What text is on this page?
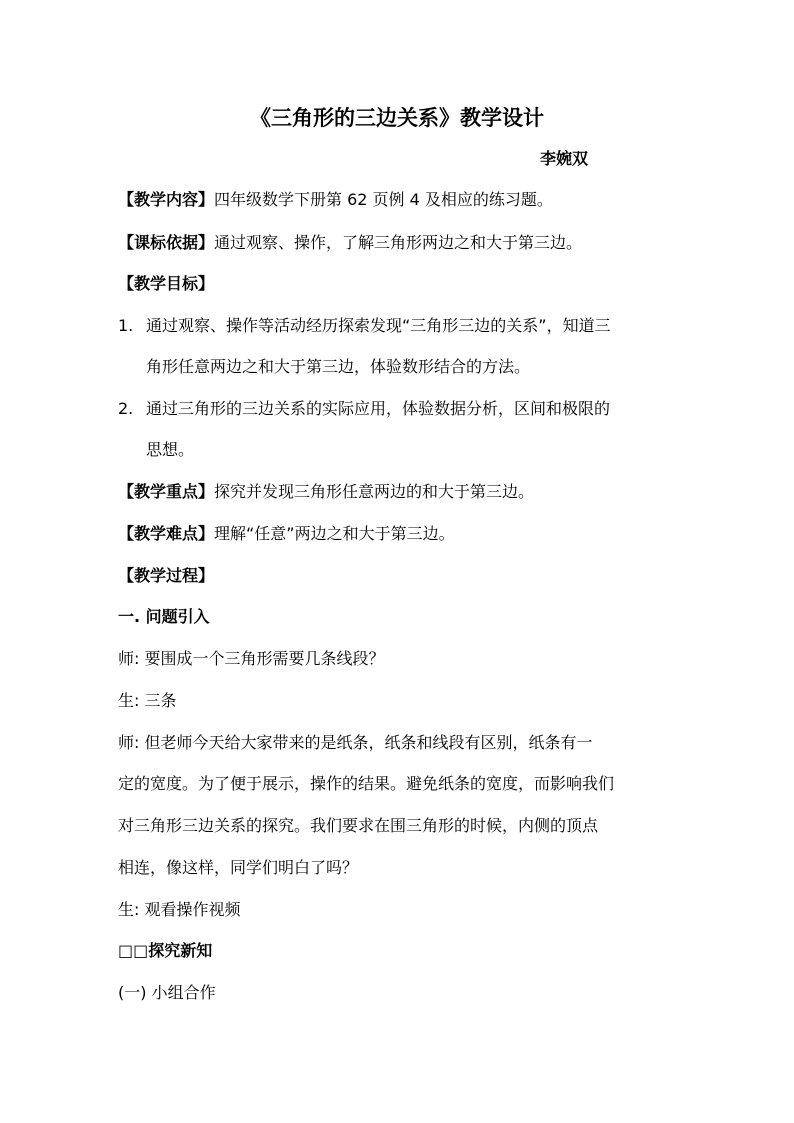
《三角形的三边关系》教学设计
李婉双
【教学内容】四年级数学下册第 62 页例 4 及相应的练习题。
【课标依据】通过观察、操作，了解三角形两边之和大于第三边。
【教学目标】
1. 通过观察、操作等活动经历探索发现“三角形三边的关系”，知道三
角形任意两边之和大于第三边，体验数形结合的方法。
2. 通过三角形的三边关系的实际应用，体验数据分析，区间和极限的
思想。
【教学重点】探究并发现三角形任意两边的和大于第三边。
【教学难点】理解“任意”两边之和大于第三边。
【教学过程】
一. 问题引入
师: 要围成一个三角形需要几条线段？
生: 三条
师: 但老师今天给大家带来的是纸条，纸条和线段有区别，纸条有一
定的宽度。为了便于展示，操作的结果。避免纸条的宽度，而影响我们
对三角形三边关系的探究。我们要求在围三角形的时候，内侧的顶点
相连，像这样，同学们明白了吗？
生: 观看操作视频
□□探究新知
(一) 小组合作
